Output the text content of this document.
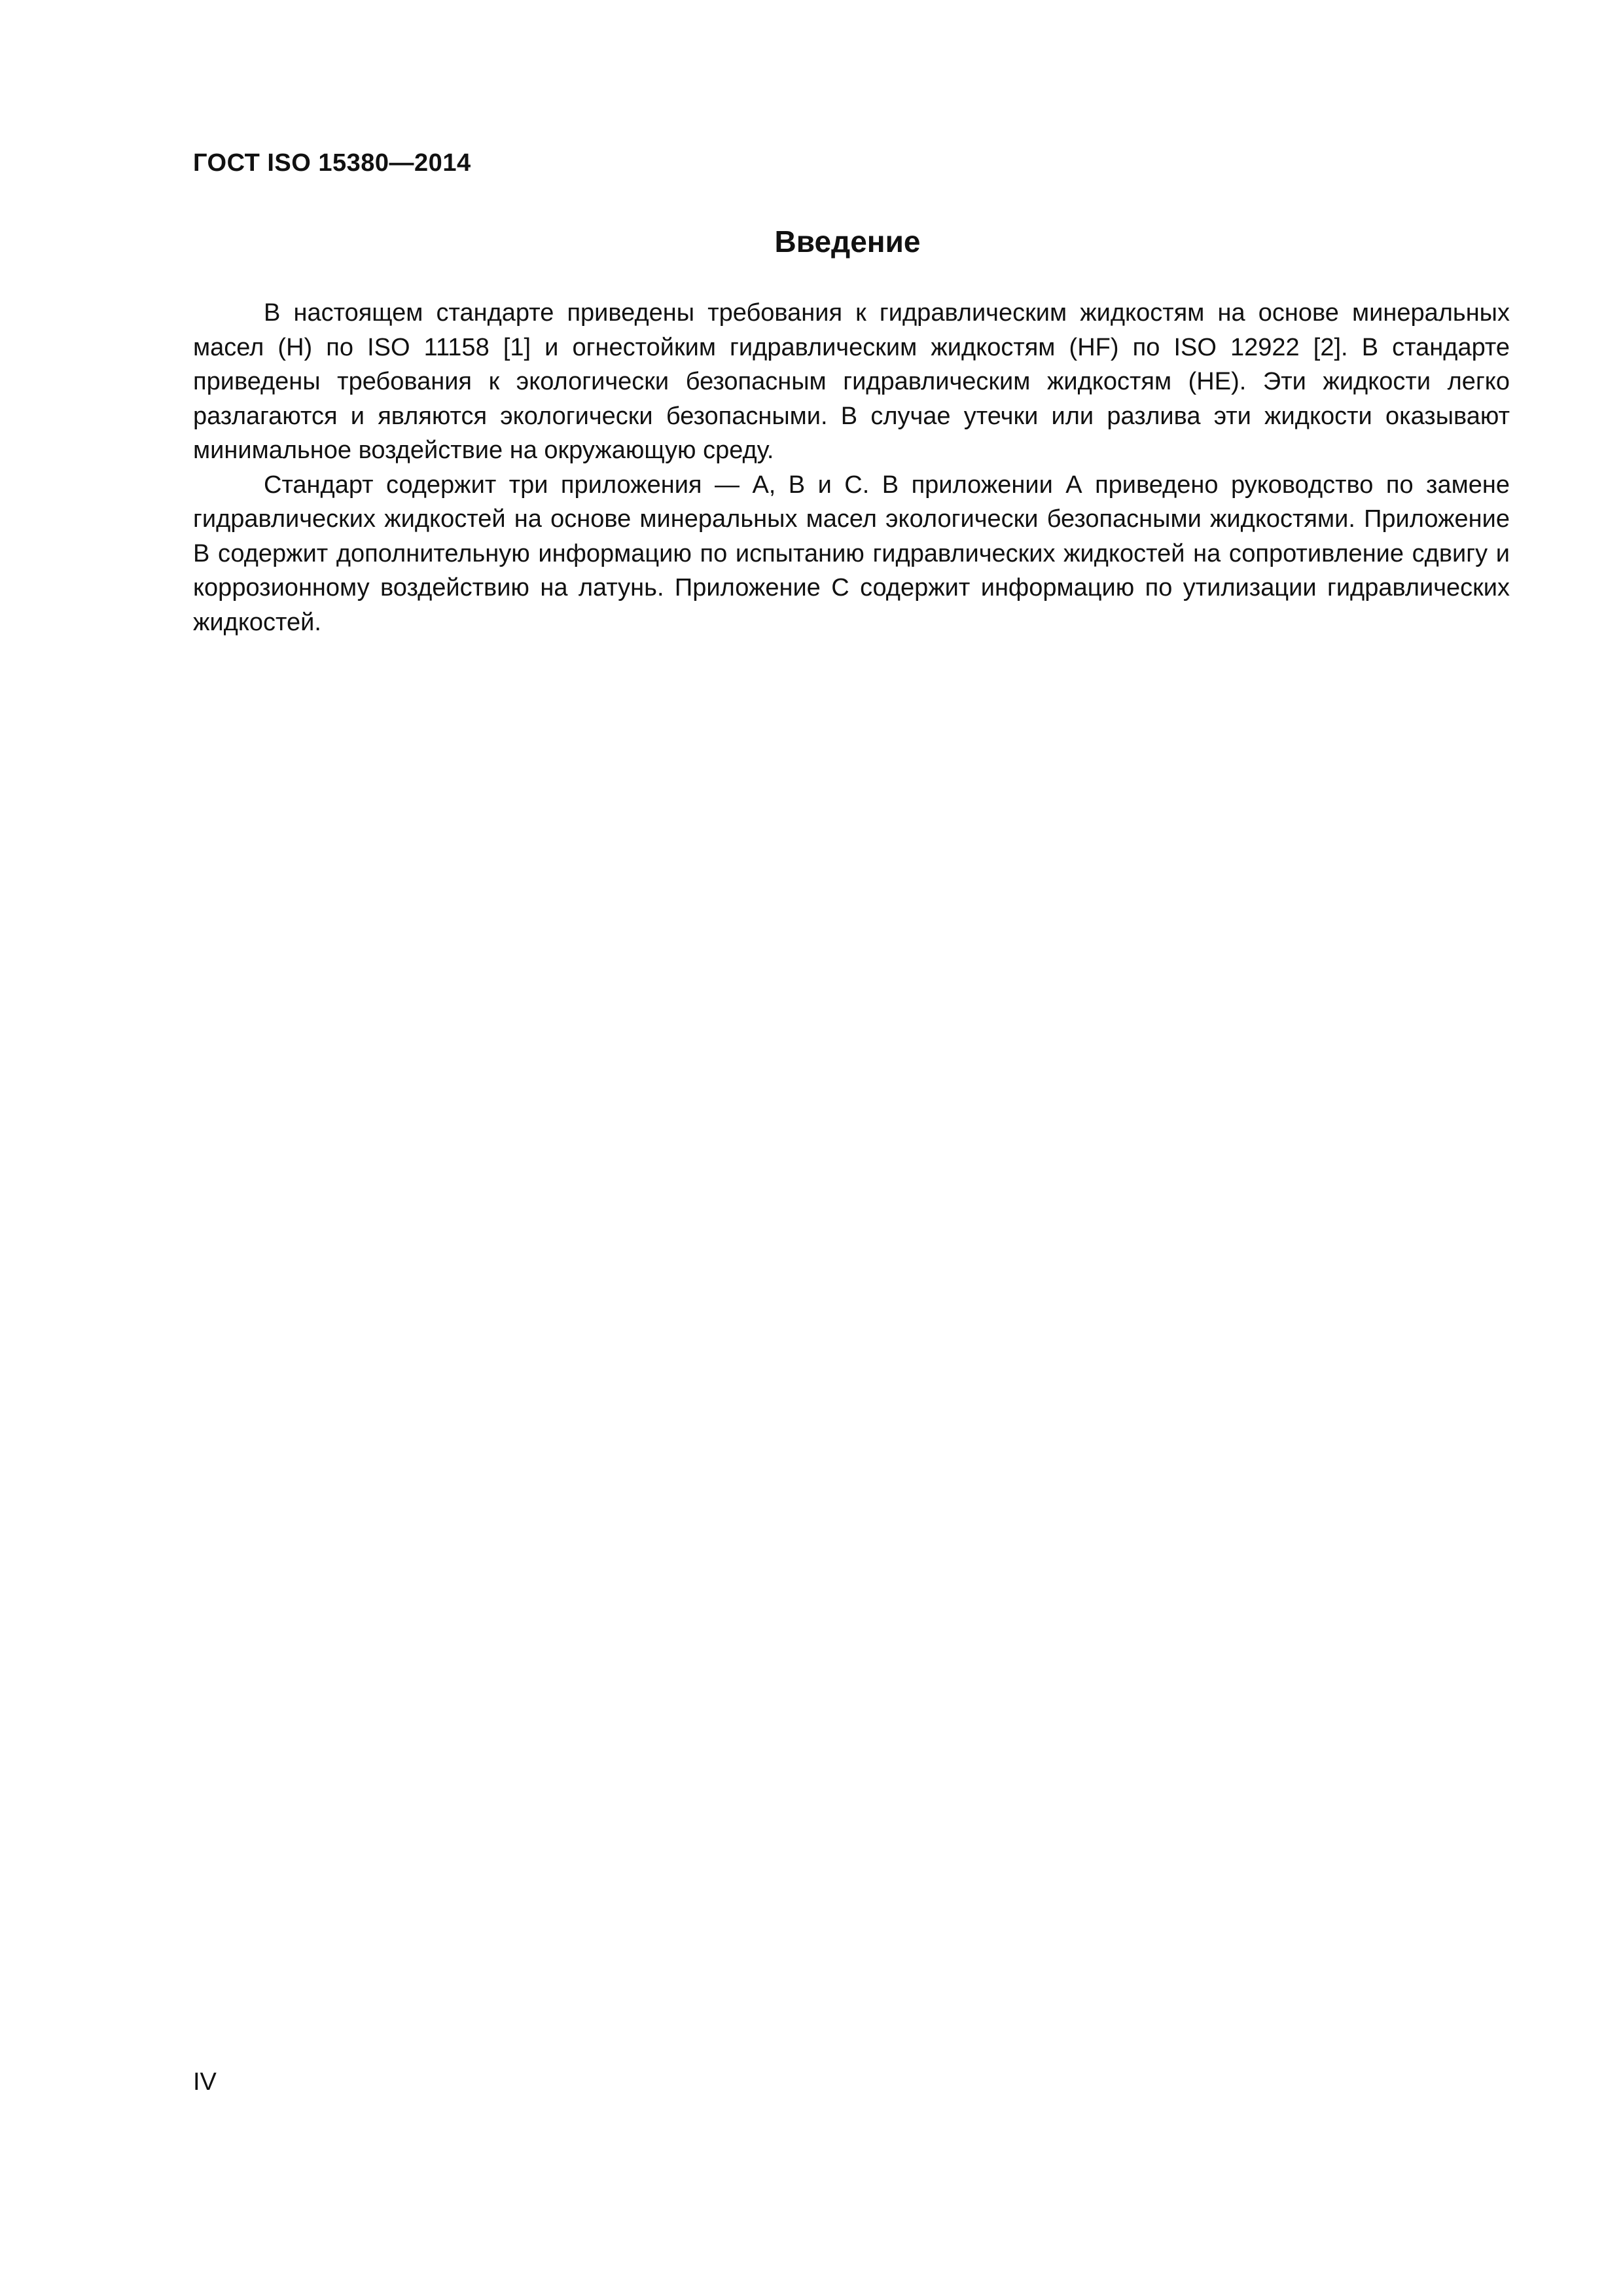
ГОСТ ISO 15380—2014
Введение

В настоящем стандарте приведены требования к гидравлическим жидкостям на основе минеральных масел (H) по ISO 11158 [1] и огнестойким гидравлическим жидкостям (HF) по ISO 12922 [2]. В стандарте приведены требования к экологически безопасным гидравлическим жидкостям (HE). Эти жидкости легко разлагаются и являются экологически безопасными. В случае утечки или разлива эти жидкости оказывают минимальное воздействие на окружающую среду.

Стандарт содержит три приложения — А, В и С. В приложении А приведено руководство по замене гидравлических жидкостей на основе минеральных масел экологически безопасными жидкостями. Приложение В содержит дополнительную информацию по испытанию гидравлических жидкостей на сопротивление сдвигу и коррозионному воздействию на латунь. Приложение С содержит информацию по утилизации гидравлических жидкостей.

IV
